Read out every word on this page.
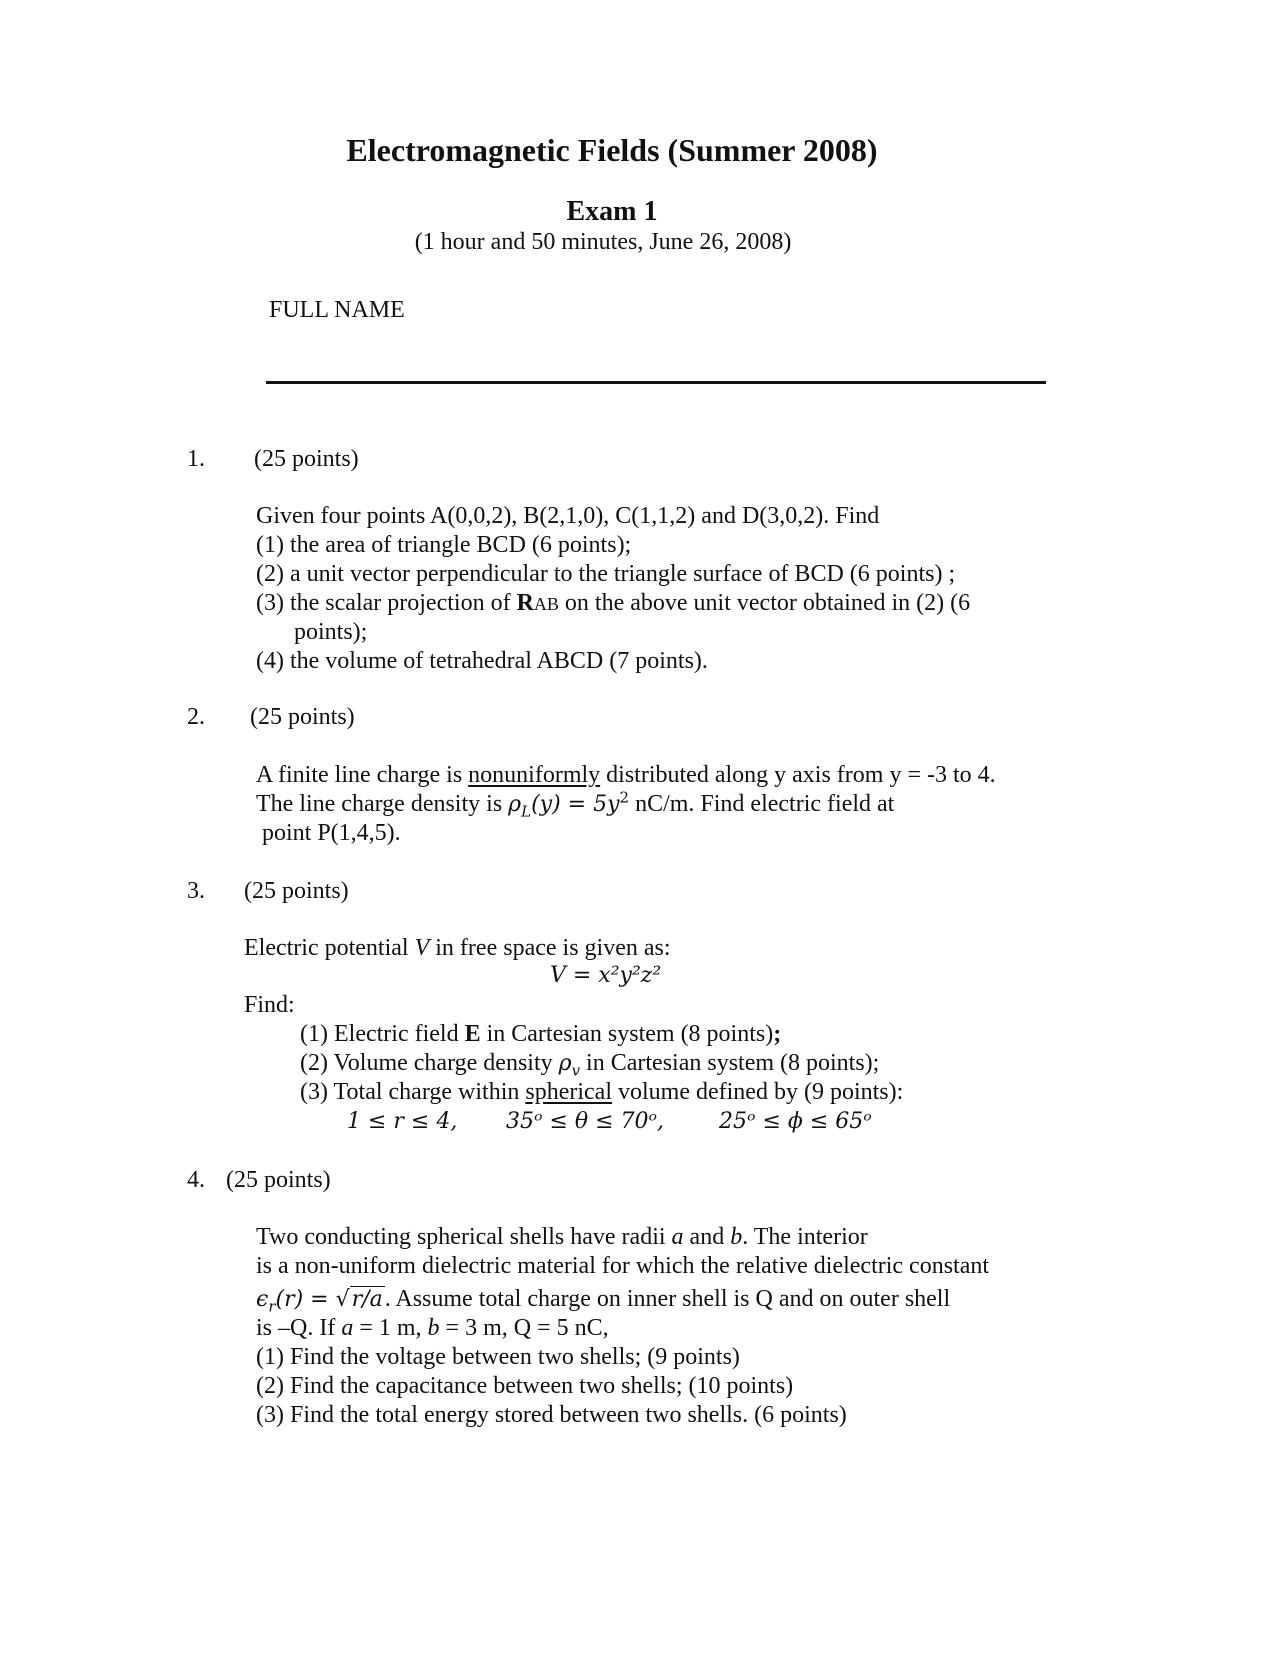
Electromagnetic Fields (Summer 2008)
Exam 1
(1 hour and 50 minutes, June 26, 2008)
FULL NAME
1. (25 points)
Given four points A(0,0,2), B(2,1,0), C(1,1,2) and D(3,0,2). Find
(1) the area of triangle BCD (6 points);
(2) a unit vector perpendicular to the triangle surface of BCD (6 points) ;
(3) the scalar projection of RAB on the above unit vector obtained in (2) (6
points);
(4) the volume of tetrahedral ABCD (7 points).
2. (25 points)
A finite line charge is nonuniformly distributed along y axis from y = -3 to 4.
The line charge density is $\rho_L(y) = 5y^2$ nC/m. Find electric field at
point P(1,4,5).
3. (25 points)
Electric potential V in free space is given as:
V = x²y²z²
Find:
(1) Electric field E in Cartesian system (8 points);
(2) Volume charge density $\rho_v$ in Cartesian system (8 points);
(3) Total charge within spherical volume defined by (9 points):
1 ≤ r ≤ 4, 35ᵒ ≤ θ ≤ 70ᵒ, 25ᵒ ≤ ϕ ≤ 65ᵒ
4. (25 points)
Two conducting spherical shells have radii a and b. The interior
is a non-uniform dielectric material for which the relative dielectric constant
$\epsilon_r(r) = √r/a$. Assume total charge on inner shell is Q and on outer shell
is –Q. If a = 1 m, b = 3 m, Q = 5 nC,
(1) Find the voltage between two shells; (9 points)
(2) Find the capacitance between two shells; (10 points)
(3) Find the total energy stored between two shells. (6 points)
